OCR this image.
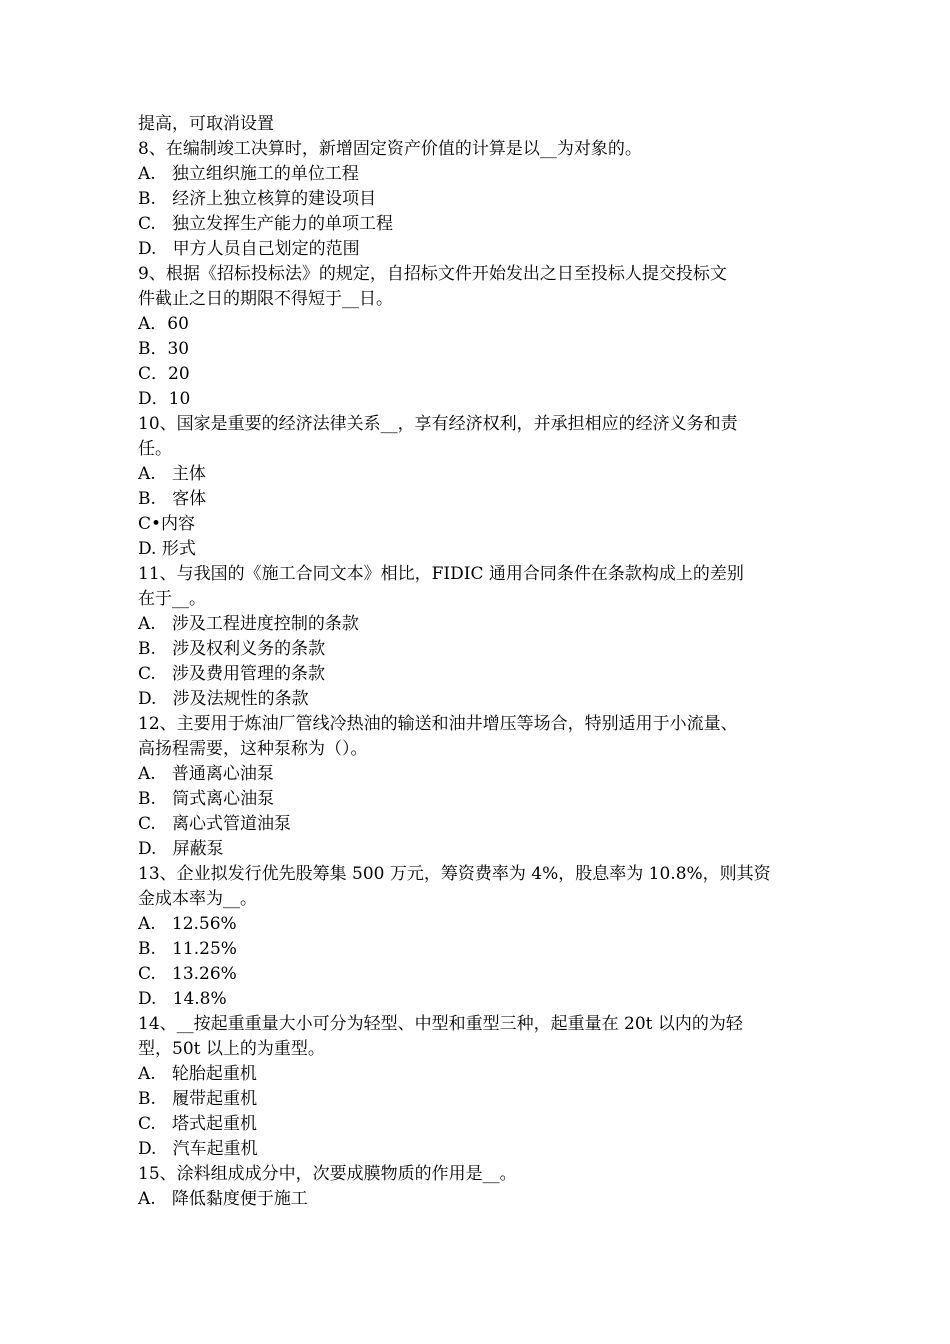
提高，可取消设置
8、在编制竣工决算时，新增固定资产价值的计算是以__为对象的。
A.   独立组织施工的单位工程
B.   经济上独立核算的建设项目
C.   独立发挥生产能力的单项工程
D.   甲方人员自己划定的范围
9、根据《招标投标法》的规定，自招标文件开始发出之日至投标人提交投标文
件截止之日的期限不得短于__日。
A．60
B．30
C．20
D．10
10、国家是重要的经济法律关系__，享有经济权利，并承担相应的经济义务和责
任。
A.   主体
B.   客体
C•内容
D. 形式
11、与我国的《施工合同文本》相比，FIDIC 通用合同条件在条款构成上的差别
在于__。
A.   涉及工程进度控制的条款
B.   涉及权利义务的条款
C.   涉及费用管理的条款
D.   涉及法规性的条款
12、主要用于炼油厂管线冷热油的输送和油井增压等场合，特别适用于小流量、
高扬程需要，这种泵称为（）。
A.   普通离心油泵
B.   筒式离心油泵
C.   离心式管道油泵
D.   屏蔽泵
13、企业拟发行优先股筹集 500 万元，筹资费率为 4%，股息率为 10.8%，则其资
金成本率为__。
A.   12.56%
B.   11.25%
C.   13.26%
D.   14.8%
14、__按起重重量大小可分为轻型、中型和重型三种，起重量在 20t 以内的为轻
型，50t 以上的为重型。
A.   轮胎起重机
B.   履带起重机
C.   塔式起重机
D.   汽车起重机
15、涂料组成成分中，次要成膜物质的作用是__。
A.   降低黏度便于施工
